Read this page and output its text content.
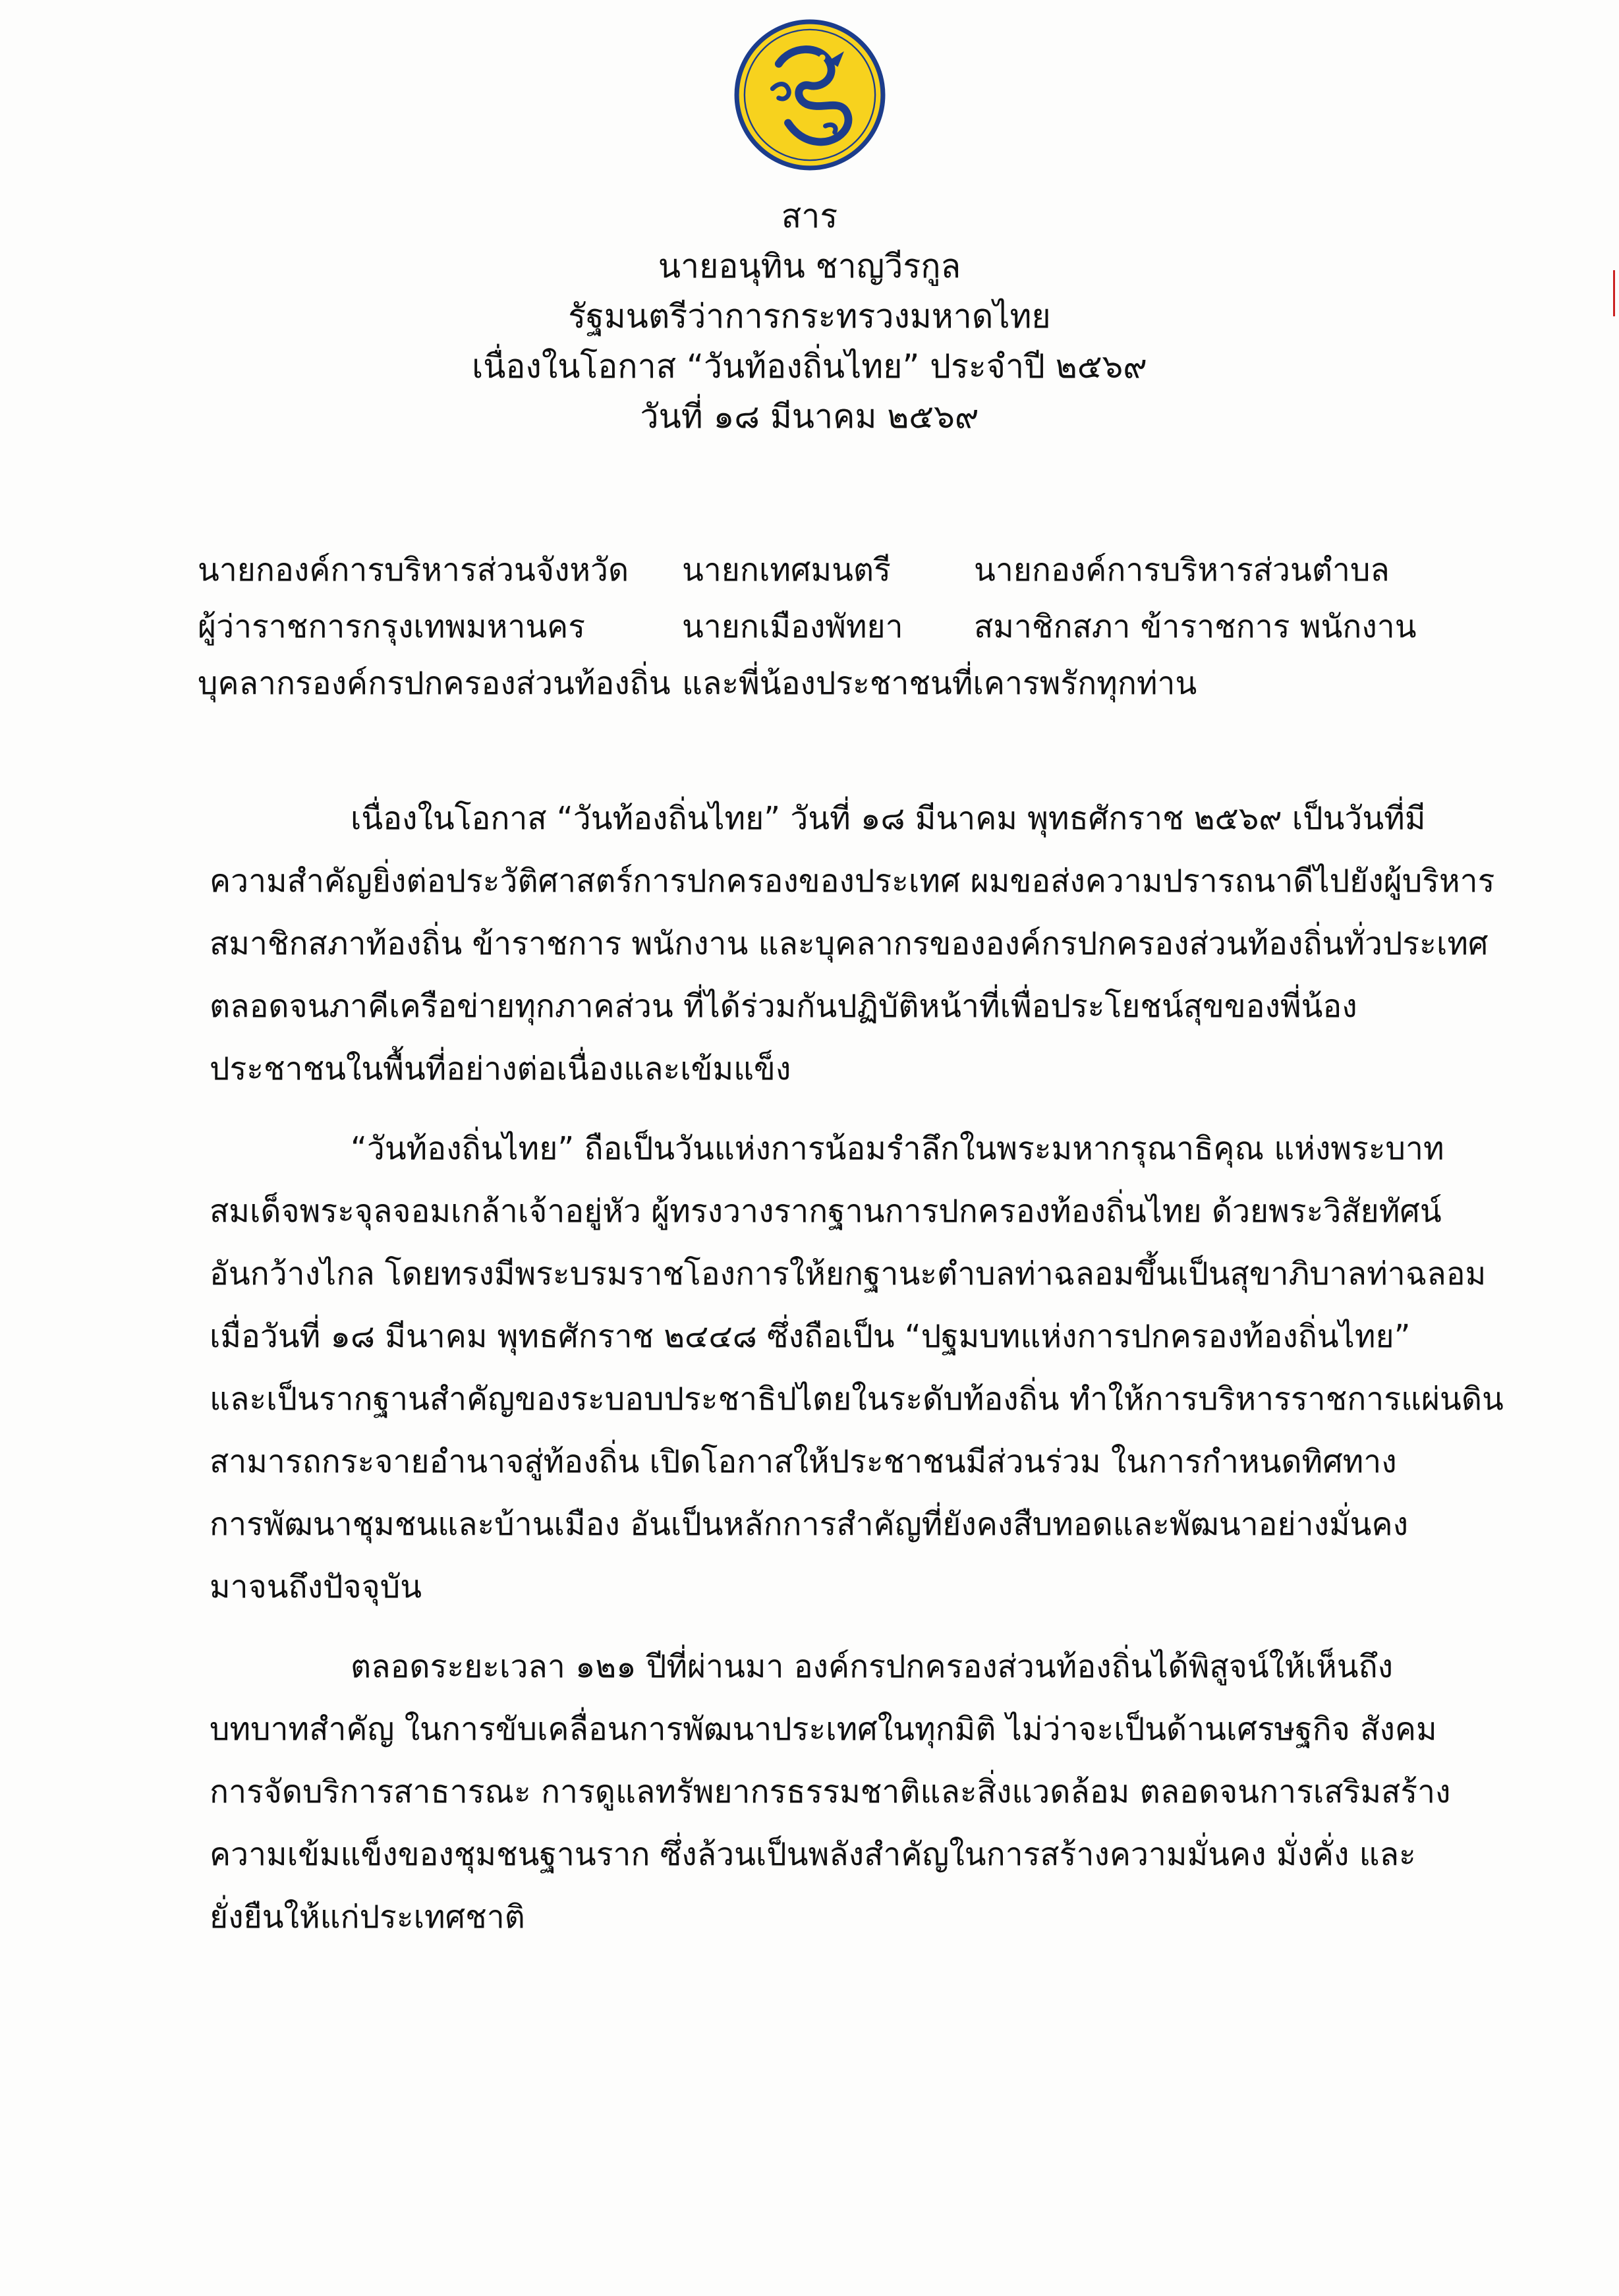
สาร
นายอนุทิน ชาญวีรกูล
รัฐมนตรีว่าการกระทรวงมหาดไทย
เนื่องในโอกาส “วันท้องถิ่นไทย” ประจำปี ๒๕๖๙
วันที่ ๑๘ มีนาคม ๒๕๖๙
นายกองค์การบริหารส่วนจังหวัด นายกเทศมนตรี	นายกองค์การบริหารส่วนตำบล
ผู้ว่าราชการกรุงเทพมหานคร	นายกเมืองพัทยา สมาชิกสภา ข้าราชการ พนักงาน
บุคลากรองค์กรปกครองส่วนท้องถิ่น และพี่น้องประชาชนที่เคารพรักทุกท่าน
เนื่องในโอกาส “วันท้องถิ่นไทย” วันที่ ๑๘ มีนาคม พุทธศักราช ๒๕๖๙ เป็นวันที่มี
ความสำคัญยิ่งต่อประวัติศาสตร์การปกครองของประเทศ ผมขอส่งความปรารถนาดีไปยังผู้บริหาร
สมาชิกสภาท้องถิ่น ข้าราชการ พนักงาน และบุคลากรขององค์กรปกครองส่วนท้องถิ่นทั่วประเทศ
ตลอดจนภาคีเครือข่ายทุกภาคส่วน ที่ได้ร่วมกันปฏิบัติหน้าที่เพื่อประโยชน์สุขของพี่น้อง
ประชาชนในพื้นที่อย่างต่อเนื่องและเข้มแข็ง
“วันท้องถิ่นไทย” ถือเป็นวันแห่งการน้อมรำลึกในพระมหากรุณาธิคุณ แห่งพระบาท
สมเด็จพระจุลจอมเกล้าเจ้าอยู่หัว ผู้ทรงวางรากฐานการปกครองท้องถิ่นไทย ด้วยพระวิสัยทัศน์
อันกว้างไกล โดยทรงมีพระบรมราชโองการให้ยกฐานะตำบลท่าฉลอมขึ้นเป็นสุขาภิบาลท่าฉลอม
เมื่อวันที่ ๑๘ มีนาคม พุทธศักราช ๒๔๔๘ ซึ่งถือเป็น “ปฐมบทแห่งการปกครองท้องถิ่นไทย”
และเป็นรากฐานสำคัญของระบอบประชาธิปไตยในระดับท้องถิ่น ทำให้การบริหารราชการแผ่นดิน
สามารถกระจายอำนาจสู่ท้องถิ่น เปิดโอกาสให้ประชาชนมีส่วนร่วม ในการกำหนดทิศทาง
การพัฒนาชุมชนและบ้านเมือง อันเป็นหลักการสำคัญที่ยังคงสืบทอดและพัฒนาอย่างมั่นคง
มาจนถึงปัจจุบัน
ตลอดระยะเวลา ๑๒๑ ปีที่ผ่านมา องค์กรปกครองส่วนท้องถิ่นได้พิสูจน์ให้เห็นถึง
บทบาทสำคัญ ในการขับเคลื่อนการพัฒนาประเทศในทุกมิติ ไม่ว่าจะเป็นด้านเศรษฐกิจ สังคม
การจัดบริการสาธารณะ การดูแลทรัพยากรธรรมชาติและสิ่งแวดล้อม ตลอดจนการเสริมสร้าง
ความเข้มแข็งของชุมชนฐานราก ซึ่งล้วนเป็นพลังสำคัญในการสร้างความมั่นคง มั่งคั่ง และ
ยั่งยืนให้แก่ประเทศชาติ
